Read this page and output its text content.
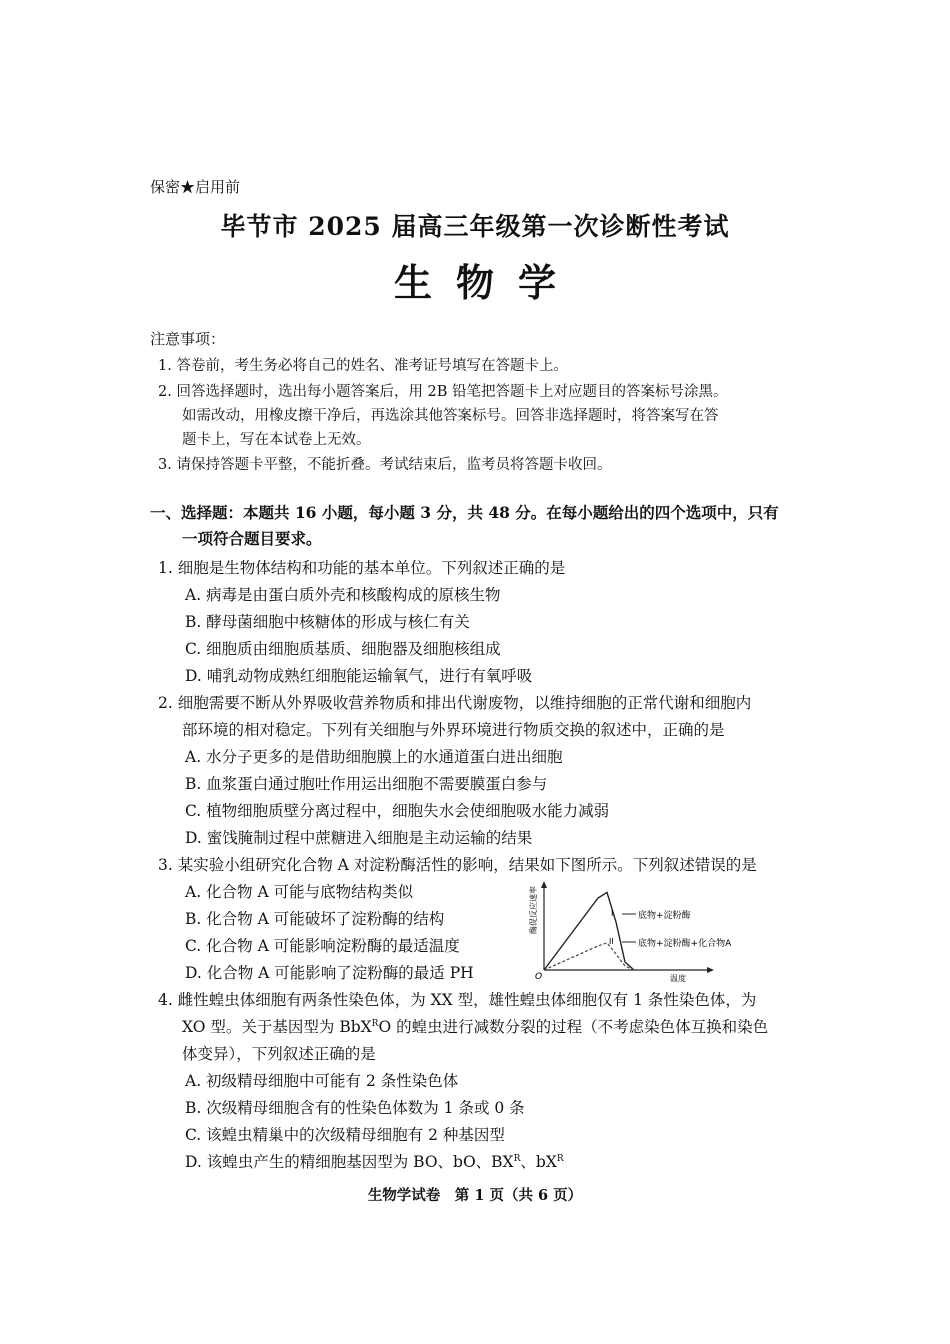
保密★启用前
毕节市 2025 届高三年级第一次诊断性考试
生物学
注意事项：
1. 答卷前，考生务必将自己的姓名、准考证号填写在答题卡上。
2. 回答选择题时，选出每小题答案后，用 2B 铅笔把答题卡上对应题目的答案标号涂黑。
如需改动，用橡皮擦干净后，再选涂其他答案标号。回答非选择题时，将答案写在答
题卡上，写在本试卷上无效。
3. 请保持答题卡平整，不能折叠。考试结束后，监考员将答题卡收回。
一、选择题：本题共 16 小题，每小题 3 分，共 48 分。在每小题给出的四个选项中，只有
一项符合题目要求。
1. 细胞是生物体结构和功能的基本单位。下列叙述正确的是
A. 病毒是由蛋白质外壳和核酸构成的原核生物
B. 酵母菌细胞中核糖体的形成与核仁有关
C. 细胞质由细胞质基质、细胞器及细胞核组成
D. 哺乳动物成熟红细胞能运输氧气，进行有氧呼吸
2. 细胞需要不断从外界吸收营养物质和排出代谢废物，以维持细胞的正常代谢和细胞内
部环境的相对稳定。下列有关细胞与外界环境进行物质交换的叙述中，正确的是
A. 水分子更多的是借助细胞膜上的水通道蛋白进出细胞
B. 血浆蛋白通过胞吐作用运出细胞不需要膜蛋白参与
C. 植物细胞质壁分离过程中，细胞失水会使细胞吸水能力减弱
D. 蜜饯腌制过程中蔗糖进入细胞是主动运输的结果
3. 某实验小组研究化合物 A 对淀粉酶活性的影响，结果如下图所示。下列叙述错误的是
A. 化合物 A 可能与底物结构类似
B. 化合物 A 可能破坏了淀粉酶的结构
C. 化合物 A 可能影响淀粉酶的最适温度
D. 化合物 A 可能影响了淀粉酶的最适 PH
酶促反应速率
O	温度
I
II
底物+淀粉酶
底物+淀粉酶+化合物A
4. 雌性蝗虫体细胞有两条性染色体，为 XX 型，雄性蝗虫体细胞仅有 1 条性染色体，为
XO 型。关于基因型为 BbX$^R$O 的蝗虫进行减数分裂的过程（不考虑染色体互换和染色
体变异），下列叙述正确的是
A. 初级精母细胞中可能有 2 条性染色体
B. 次级精母细胞含有的性染色体数为 1 条或 0 条
C. 该蝗虫精巢中的次级精母细胞有 2 种基因型
D. 该蝗虫产生的精细胞基因型为 BO、bO、$BX^R$、$bX^R$
生物学试卷　第 1 页（共 6 页）
